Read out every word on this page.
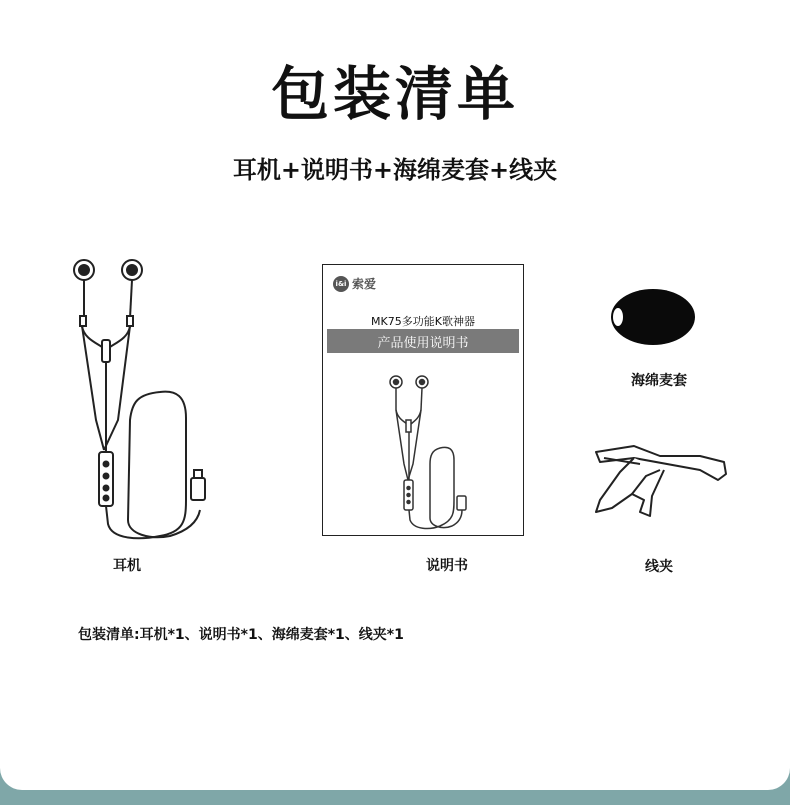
包装清单
耳机+说明书+海绵麦套+线夹
i&i 索爱
MK75多功能K歌神器
产品使用说明书
耳机	说明书
海绵麦套
线夹
包装清单:耳机*1、说明书*1、海绵麦套*1、线夹*1
